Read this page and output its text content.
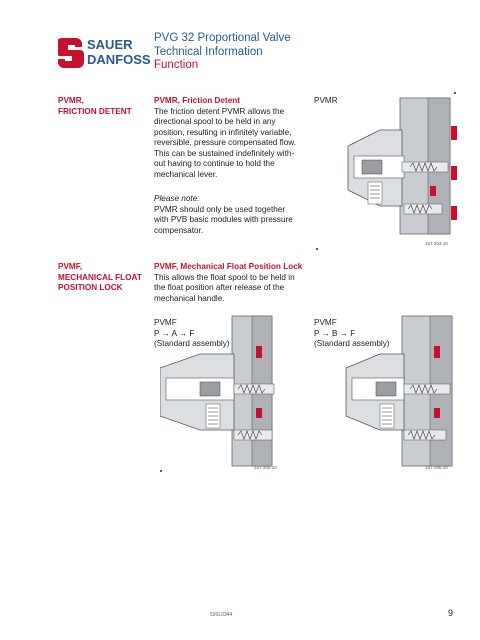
SAUER
DANFOSS
PVG 32 Proportional Valve
Technical Information
Function
PVMR,
FRICTION DETENT
PVMR, Friction Detent
The friction detent PVMR allows the
directional spool to be held in any
position, resulting in infinitely variable,
reversible, pressure compensated flow.
This can be sustained indefinitely with-
out having to continue to hold the
mechanical lever.
Please note:
PVMR should only be used together
with PVB basic modules with pressure
compensator.
PVMR
157-204.10
PVMF,
MECHANICAL FLOAT
POSITION LOCK
PVMF, Mechanical Float Position Lock
This allows the float spool to be held in
the float position after release of the
mechanical handle.
PVMF
P → A → F
(Standard assembly)
157-205.10
PVMF
P → B → F
(Standard assembly)
157-206.10
520L0344	9
